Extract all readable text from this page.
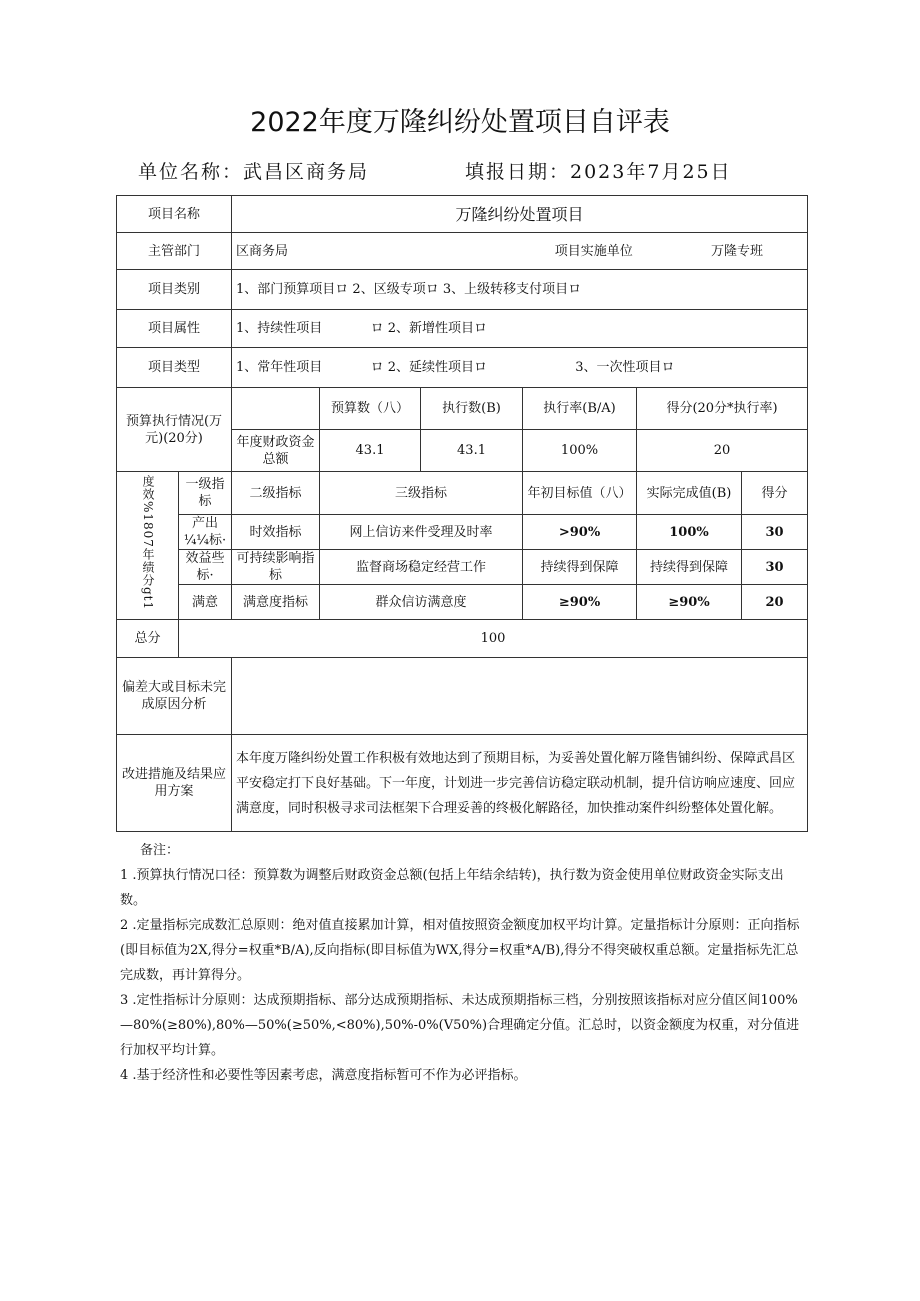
2022年度万隆纠纷处置项目自评表
单位名称：武昌区商务局	填报日期：2023年7月25日
项目名称		万隆纠纷处置项目					
主管部门		区商务局 项目实施单位 万隆专班					

项目类别		1、部门预算项目ロ 2、区级专项ロ 3、上级转移支付项目ロ					
项目属性		1、持续性项目 ロ 2、新增性项目ロ					
项目类型		1、常年性项目 ロ 2、延续性项目ロ 3、一次性项目ロ					
预算执行情况(万元)(20分)			预算数（八）	执行数(B)	执行率(B/A)	得分(20分*执行率)	
		年度财政资金总额	43.1	43.1	100%	20	
度效%1807年绩分gt1	一级指标	二级指标	三级指标		年初目标值（八）	实际完成值(B)	得分
	产出¼¼标·	时效指标	网上信访来件受理及时率		>90%	100%	30
	效益些标·	可持续影响指标	监督商场稳定经营工作		持续得到保障	持续得到保障	30
	满意	满意度指标	群众信访满意度		≥90%	≥90%	20
总分	100						
偏差大或目标未完成原因分析							
改进措施及结果应用方案		本年度万隆纠纷处置工作积极有效地达到了预期目标，为妥善处置化解万隆售铺纠纷、保障武昌区平安稳定打下良好基础。下一年度，计划进一步完善信访稳定联动机制，提升信访响应速度、回应满意度，同时积极寻求司法框架下合理妥善的终极化解路径，加快推动案件纠纷整体处置化解。					

备注：

1 .预算执行情况口径：预算数为调整后财政资金总额(包括上年结余结转)，执行数为资金使用单位财政资金实际支出数。

2 .定量指标完成数汇总原则：绝对值直接累加计算，相对值按照资金额度加权平均计算。定量指标计分原则：正向指标(即目标值为2X,得分=权重*B/A),反向指标(即目标值为WX,得分=权重*A/B),得分不得突破权重总额。定量指标先汇总完成数，再计算得分。

3 .定性指标计分原则：达成预期指标、部分达成预期指标、未达成预期指标三档，分别按照该指标对应分值区间100%—80%(≥80%),80%—50%(≥50%,<80%),50%-0%(V50%)合理确定分值。汇总时，以资金额度为权重，对分值进行加权平均计算。

4 .基于经济性和必要性等因素考虑，满意度指标暂可不作为必评指标。
